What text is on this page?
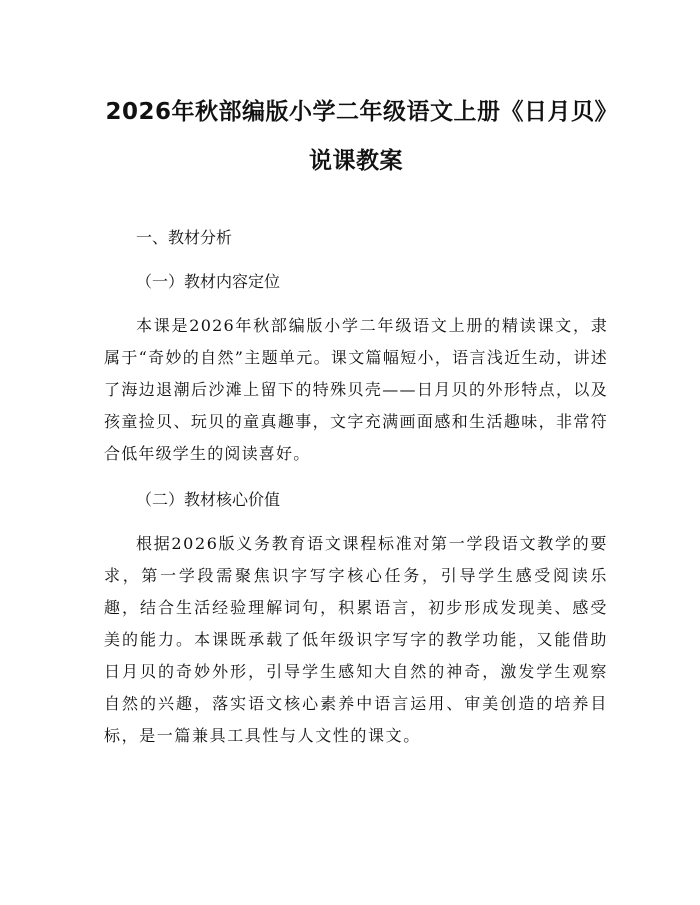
2026年秋部编版小学二年级语文上册《日月贝》说课教案

一、教材分析

（一）教材内容定位

本课是2026年秋部编版小学二年级语文上册的精读课文，隶属于“奇妙的自然”主题单元。课文篇幅短小，语言浅近生动，讲述了海边退潮后沙滩上留下的特殊贝壳——日月贝的外形特点，以及孩童捡贝、玩贝的童真趣事，文字充满画面感和生活趣味，非常符合低年级学生的阅读喜好。

（二）教材核心价值

根据2026版义务教育语文课程标准对第一学段语文教学的要求，第一学段需聚焦识字写字核心任务，引导学生感受阅读乐趣，结合生活经验理解词句，积累语言，初步形成发现美、感受美的能力。本课既承载了低年级识字写字的教学功能，又能借助日月贝的奇妙外形，引导学生感知大自然的神奇，激发学生观察自然的兴趣，落实语文核心素养中语言运用、审美创造的培养目标，是一篇兼具工具性与人文性的课文。
